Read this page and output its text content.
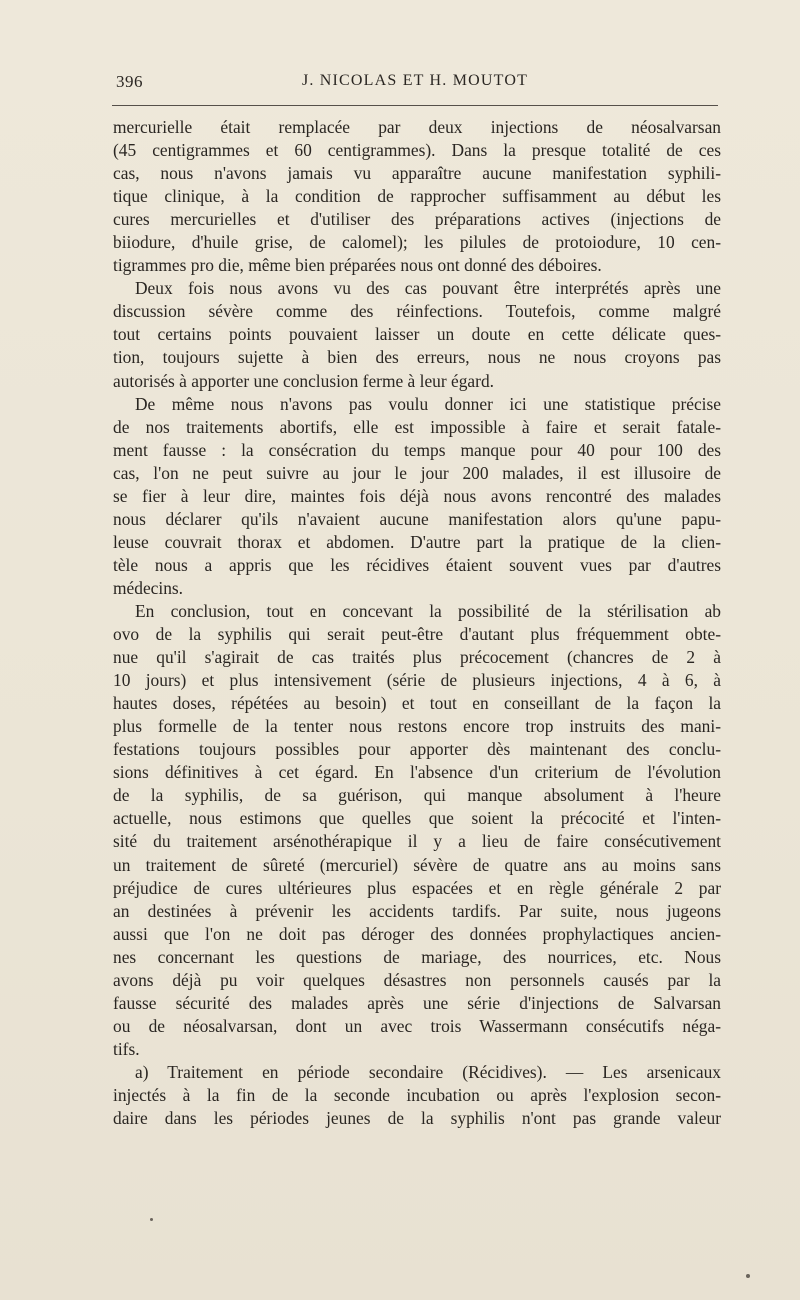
396	J. NICOLAS ET H. MOUTOT
mercurielle était remplacée par deux injections de néosalvarsan
(45 centigrammes et 60 centigrammes). Dans la presque totalité de ces
cas, nous n'avons jamais vu apparaître aucune manifestation syphili-
tique clinique, à la condition de rapprocher suffisamment au début les
cures mercurielles et d'utiliser des préparations actives (injections de
biiodure, d'huile grise, de calomel); les pilules de protoiodure, 10 cen-
tigrammes pro die, même bien préparées nous ont donné des déboires.
Deux fois nous avons vu des cas pouvant être interprétés après une
discussion sévère comme des réinfections. Toutefois, comme malgré
tout certains points pouvaient laisser un doute en cette délicate ques-
tion, toujours sujette à bien des erreurs, nous ne nous croyons pas
autorisés à apporter une conclusion ferme à leur égard.
De même nous n'avons pas voulu donner ici une statistique précise
de nos traitements abortifs, elle est impossible à faire et serait fatale-
ment fausse : la consécration du temps manque pour 40 pour 100 des
cas, l'on ne peut suivre au jour le jour 200 malades, il est illusoire de
se fier à leur dire, maintes fois déjà nous avons rencontré des malades
nous déclarer qu'ils n'avaient aucune manifestation alors qu'une papu-
leuse couvrait thorax et abdomen. D'autre part la pratique de la clien-
tèle nous a appris que les récidives étaient souvent vues par d'autres
médecins.
En conclusion, tout en concevant la possibilité de la stérilisation ab
ovo de la syphilis qui serait peut-être d'autant plus fréquemment obte-
nue qu'il s'agirait de cas traités plus précocement (chancres de 2 à
10 jours) et plus intensivement (série de plusieurs injections, 4 à 6, à
hautes doses, répétées au besoin) et tout en conseillant de la façon la
plus formelle de la tenter nous restons encore trop instruits des mani-
festations toujours possibles pour apporter dès maintenant des conclu-
sions définitives à cet égard. En l'absence d'un criterium de l'évolution
de la syphilis, de sa guérison, qui manque absolument à l'heure
actuelle, nous estimons que quelles que soient la précocité et l'inten-
sité du traitement arsénothérapique il y a lieu de faire consécutivement
un traitement de sûreté (mercuriel) sévère de quatre ans au moins sans
préjudice de cures ultérieures plus espacées et en règle générale 2 par
an destinées à prévenir les accidents tardifs. Par suite, nous jugeons
aussi que l'on ne doit pas déroger des données prophylactiques ancien-
nes concernant les questions de mariage, des nourrices, etc. Nous
avons déjà pu voir quelques désastres non personnels causés par la
fausse sécurité des malades après une série d'injections de Salvarsan
ou de néosalvarsan, dont un avec trois Wassermann consécutifs néga-
tifs.
a) Traitement en période secondaire (Récidives). — Les arsenicaux
injectés à la fin de la seconde incubation ou après l'explosion secon-
daire dans les périodes jeunes de la syphilis n'ont pas grande valeur
